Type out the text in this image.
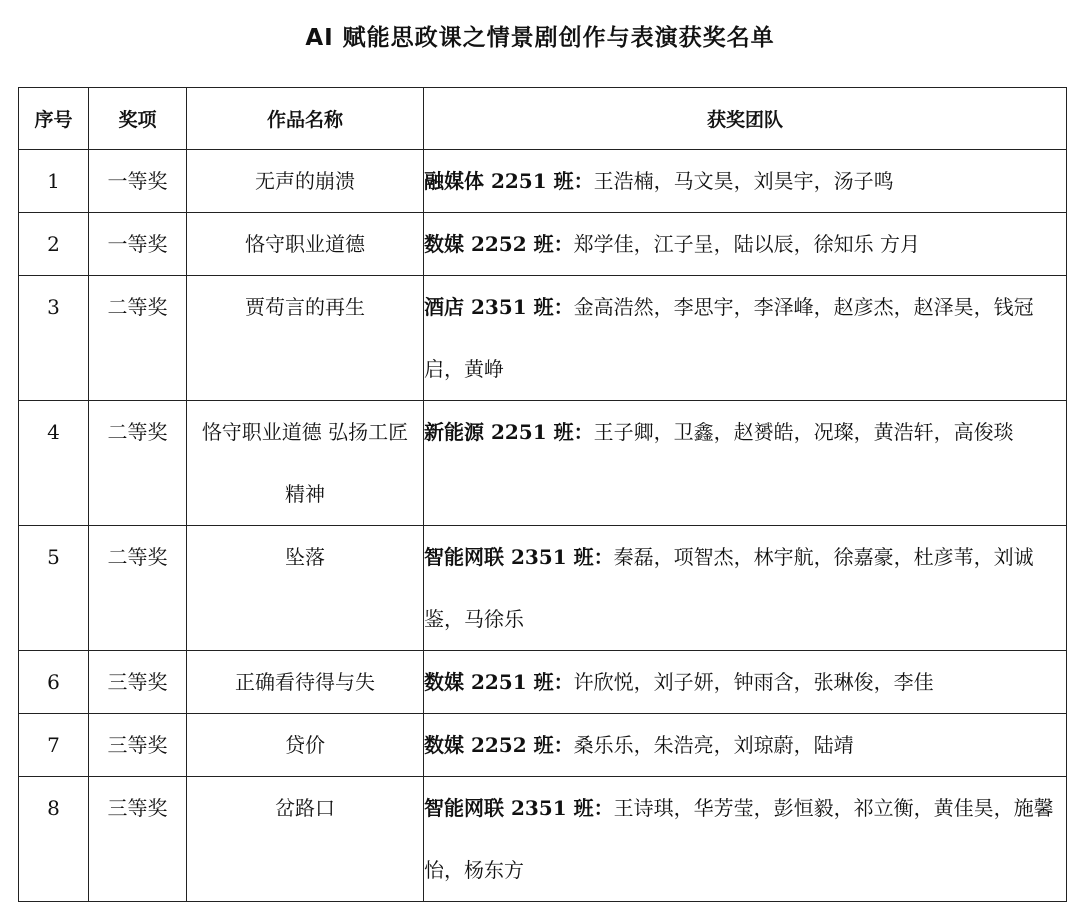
AI 赋能思政课之情景剧创作与表演获奖名单
序号	奖项	作品名称	获奖团队
1	一等奖	无声的崩溃	融媒体 2251 班：王浩楠，马文昊，刘昊宇，汤子鸣
2	一等奖	恪守职业道德	数媒 2252 班：郑学佳，江子呈，陆以辰，徐知乐 方月
3	二等奖	贾苟言的再生	酒店 2351 班：金高浩然，李思宇，李泽峰，赵彦杰，赵泽昊，钱冠启，黄峥
4	二等奖	恪守职业道德 弘扬工匠精神	新能源 2251 班：王子卿，卫鑫，赵赟皓，况璨，黄浩轩，高俊琰
5	二等奖	坠落	智能网联 2351 班：秦磊，项智杰，林宇航，徐嘉豪，杜彦苇，刘诚鉴，马徐乐
6	三等奖	正确看待得与失	数媒 2251 班：许欣悦，刘子妍，钟雨含，张琳俊，李佳
7	三等奖	贷价	数媒 2252 班：桑乐乐，朱浩亮，刘琼蔚，陆靖
8	三等奖	岔路口	智能网联 2351 班：王诗琪，华芳莹，彭恒毅，祁立衡，黄佳昊，施馨怡，杨东方
